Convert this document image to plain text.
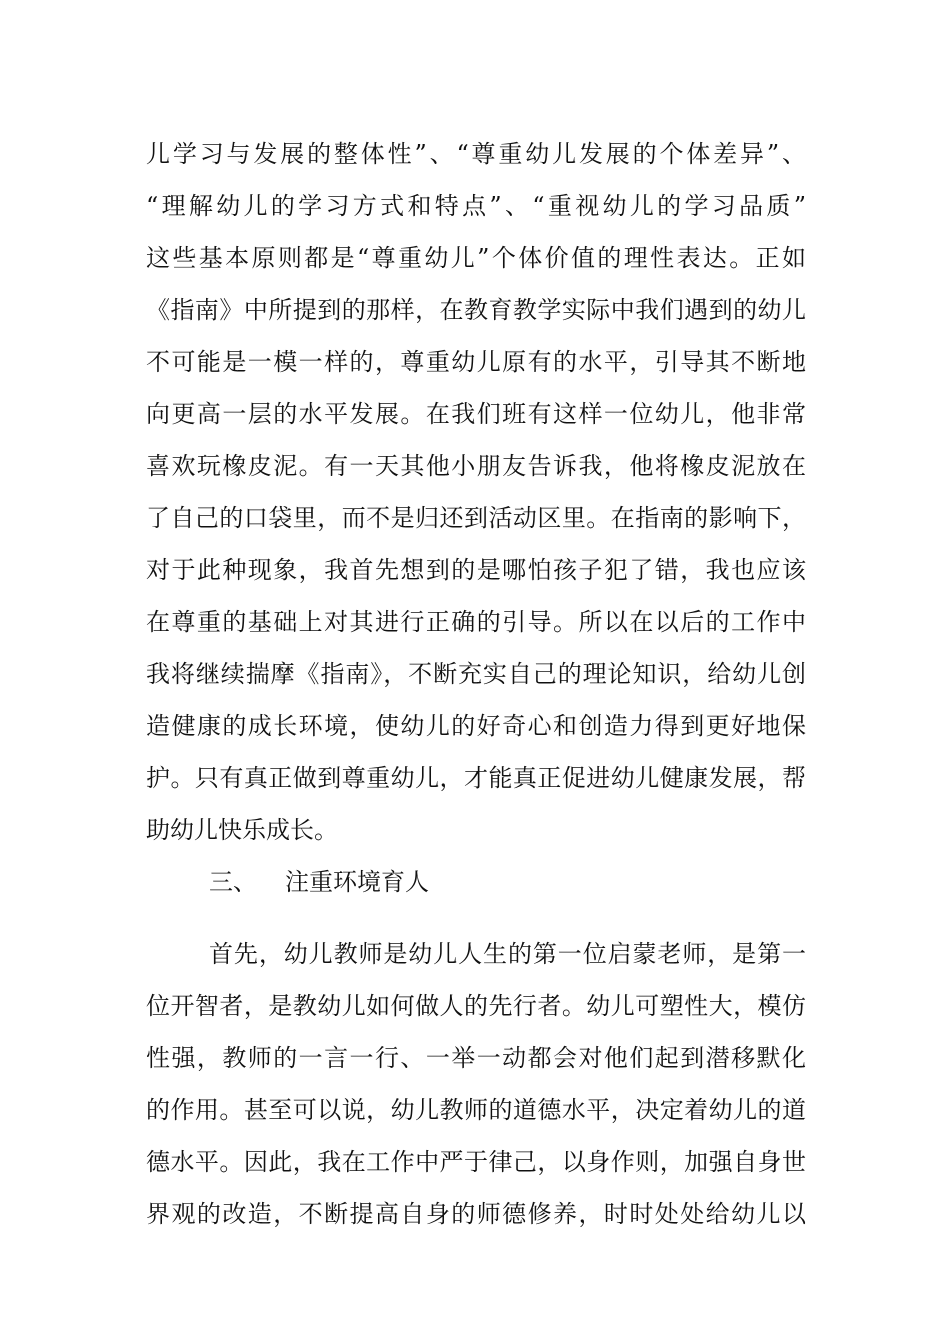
儿学习与发展的整体性”、“尊重幼儿发展的个体差异”、
“理解幼儿的学习方式和特点”、“重视幼儿的学习品质”
这些基本原则都是“尊重幼儿”个体价值的理性表达。正如
《指南》中所提到的那样，在教育教学实际中我们遇到的幼儿
不可能是一模一样的，尊重幼儿原有的水平，引导其不断地
向更高一层的水平发展。在我们班有这样一位幼儿，他非常
喜欢玩橡皮泥。有一天其他小朋友告诉我，他将橡皮泥放在
了自己的口袋里，而不是归还到活动区里。在指南的影响下，
对于此种现象，我首先想到的是哪怕孩子犯了错，我也应该
在尊重的基础上对其进行正确的引导。所以在以后的工作中
我将继续揣摩《指南》，不断充实自己的理论知识，给幼儿创
造健康的成长环境，使幼儿的好奇心和创造力得到更好地保
护。只有真正做到尊重幼儿，才能真正促进幼儿健康发展，帮
助幼儿快乐成长。
三、 注重环境育人
首先，幼儿教师是幼儿人生的第一位启蒙老师，是第一
位开智者，是教幼儿如何做人的先行者。幼儿可塑性大，模仿
性强，教师的一言一行、一举一动都会对他们起到潜移默化
的作用。甚至可以说，幼儿教师的道德水平，决定着幼儿的道
德水平。因此，我在工作中严于律己，以身作则，加强自身世
界观的改造，不断提高自身的师德修养，时时处处给幼儿以
